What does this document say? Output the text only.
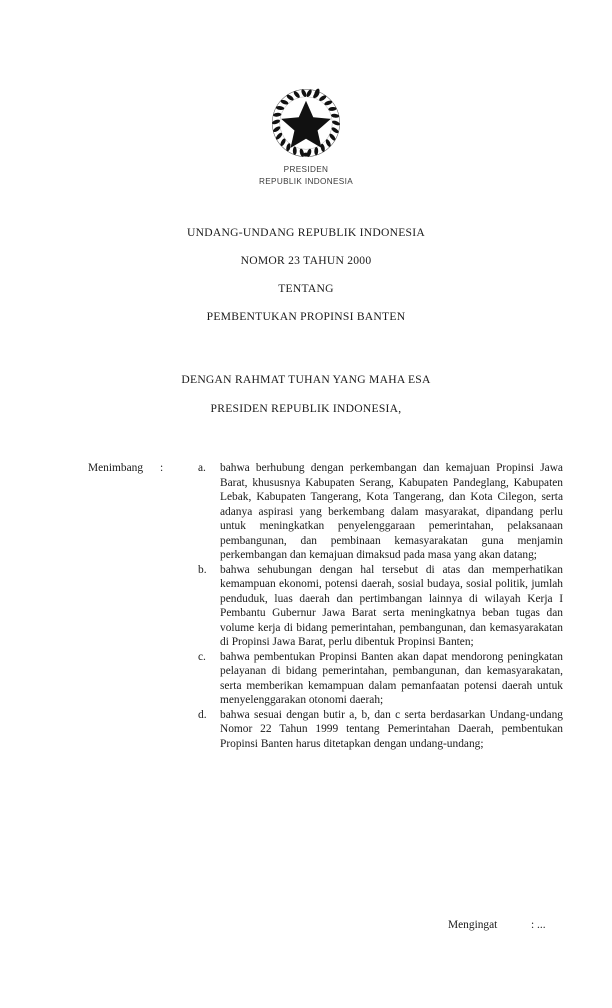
PRESIDEN
REPUBLIK INDONESIA
UNDANG-UNDANG REPUBLIK INDONESIA
NOMOR 23 TAHUN 2000
TENTANG
PEMBENTUKAN PROPINSI BANTEN
DENGAN RAHMAT TUHAN YANG MAHA ESA
PRESIDEN REPUBLIK INDONESIA,
Menimbang :	a. bahwa berhubung dengan perkembangan dan kemajuan Propinsi Jawa Barat, khususnya Kabupaten Serang, Kabupaten Pandeglang, Kabupaten Lebak, Kabupaten Tangerang, Kota Tangerang, dan Kota Cilegon, serta adanya aspirasi yang berkembang dalam masyarakat, dipandang perlu untuk meningkatkan penyelenggaraan pemerintahan, pelaksanaan pembangunan, dan pembinaan kemasyarakatan guna menjamin perkembangan dan kemajuan dimaksud pada masa yang akan datang;
b. bahwa sehubungan dengan hal tersebut di atas dan memperhatikan kemampuan ekonomi, potensi daerah, sosial budaya, sosial politik, jumlah penduduk, luas daerah dan pertimbangan lainnya di wilayah Kerja I Pembantu Gubernur Jawa Barat serta meningkatnya beban tugas dan volume kerja di bidang pemerintahan, pembangunan, dan kemasyarakatan di Propinsi Jawa Barat, perlu dibentuk Propinsi Banten;
c. bahwa pembentukan Propinsi Banten akan dapat mendorong peningkatan pelayanan di bidang pemerintahan, pembangunan, dan kemasyarakatan, serta memberikan kemampuan dalam pemanfaatan potensi daerah untuk menyelenggarakan otonomi daerah;
d. bahwa sesuai dengan butir a, b, dan c serta berdasarkan Undang-undang Nomor 22 Tahun 1999 tentang Pemerintahan Daerah, pembentukan Propinsi Banten harus ditetapkan dengan undang-undang;
Mengingat	: ...
